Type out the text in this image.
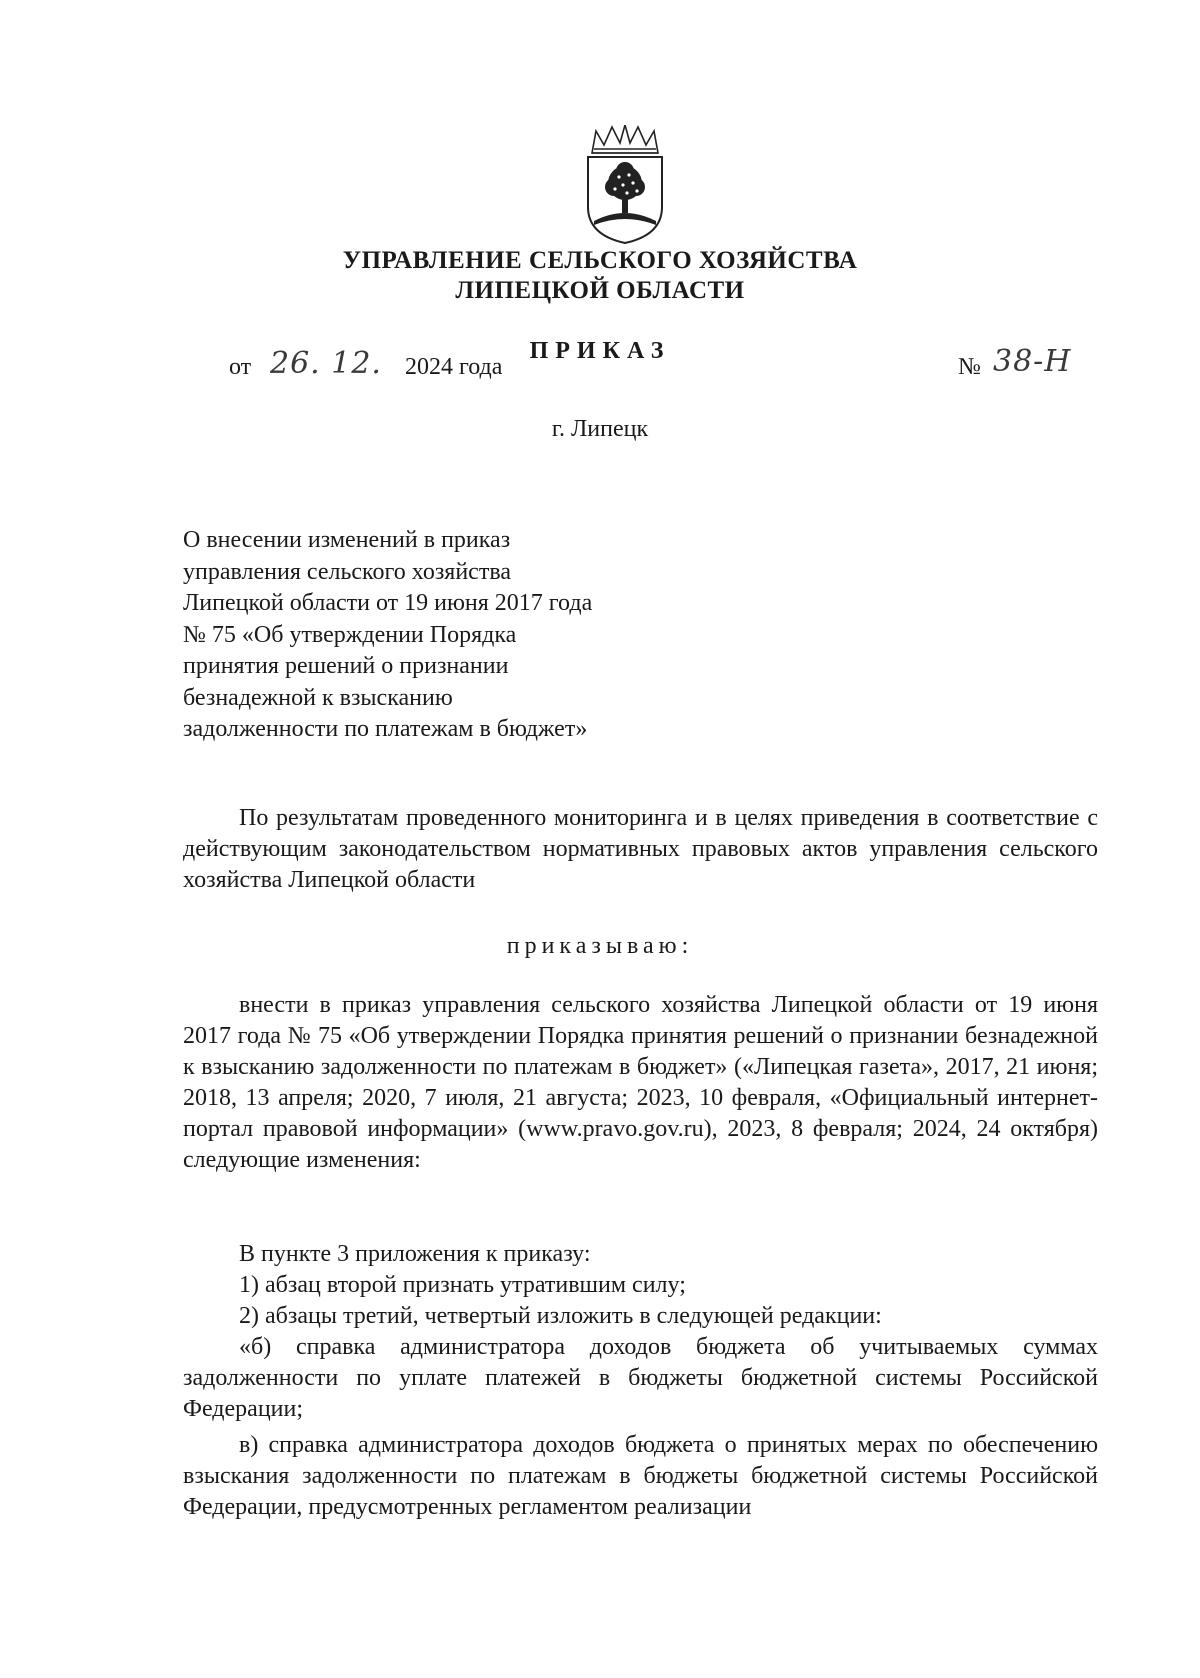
УПРАВЛЕНИЕ СЕЛЬСКОГО ХОЗЯЙСТВА
ЛИПЕЦКОЙ ОБЛАСТИ
ПРИКАЗ
от 26. 12. 2024 года	№ 38-Н
г. Липецк
О внесении изменений в приказ
управления сельского хозяйства
Липецкой области от 19 июня 2017 года
№ 75 «Об утверждении Порядка
принятия решений о признании
безнадежной к взысканию
задолженности по платежам в бюджет»
По результатам проведенного мониторинга и в целях приведения в соответствие с действующим законодательством нормативных правовых актов управления сельского хозяйства Липецкой области
приказываю:
внести в приказ управления сельского хозяйства Липецкой области от 19 июня 2017 года № 75 «Об утверждении Порядка принятия решений о признании безнадежной к взысканию задолженности по платежам в бюджет» («Липецкая газета», 2017, 21 июня; 2018, 13 апреля; 2020, 7 июля, 21 августа; 2023, 10 февраля, «Официальный интернет-портал правовой информации» (www.pravo.gov.ru), 2023, 8 февраля; 2024, 24 октября) следующие изменения:
В пункте 3 приложения к приказу:
1) абзац второй признать утратившим силу;
2) абзацы третий, четвертый изложить в следующей редакции:
«б) справка администратора доходов бюджета об учитываемых суммах задолженности по уплате платежей в бюджеты бюджетной системы Российской Федерации;
в) справка администратора доходов бюджета о принятых мерах по обеспечению взыскания задолженности по платежам в бюджеты бюджетной системы Российской Федерации, предусмотренных регламентом реализации
